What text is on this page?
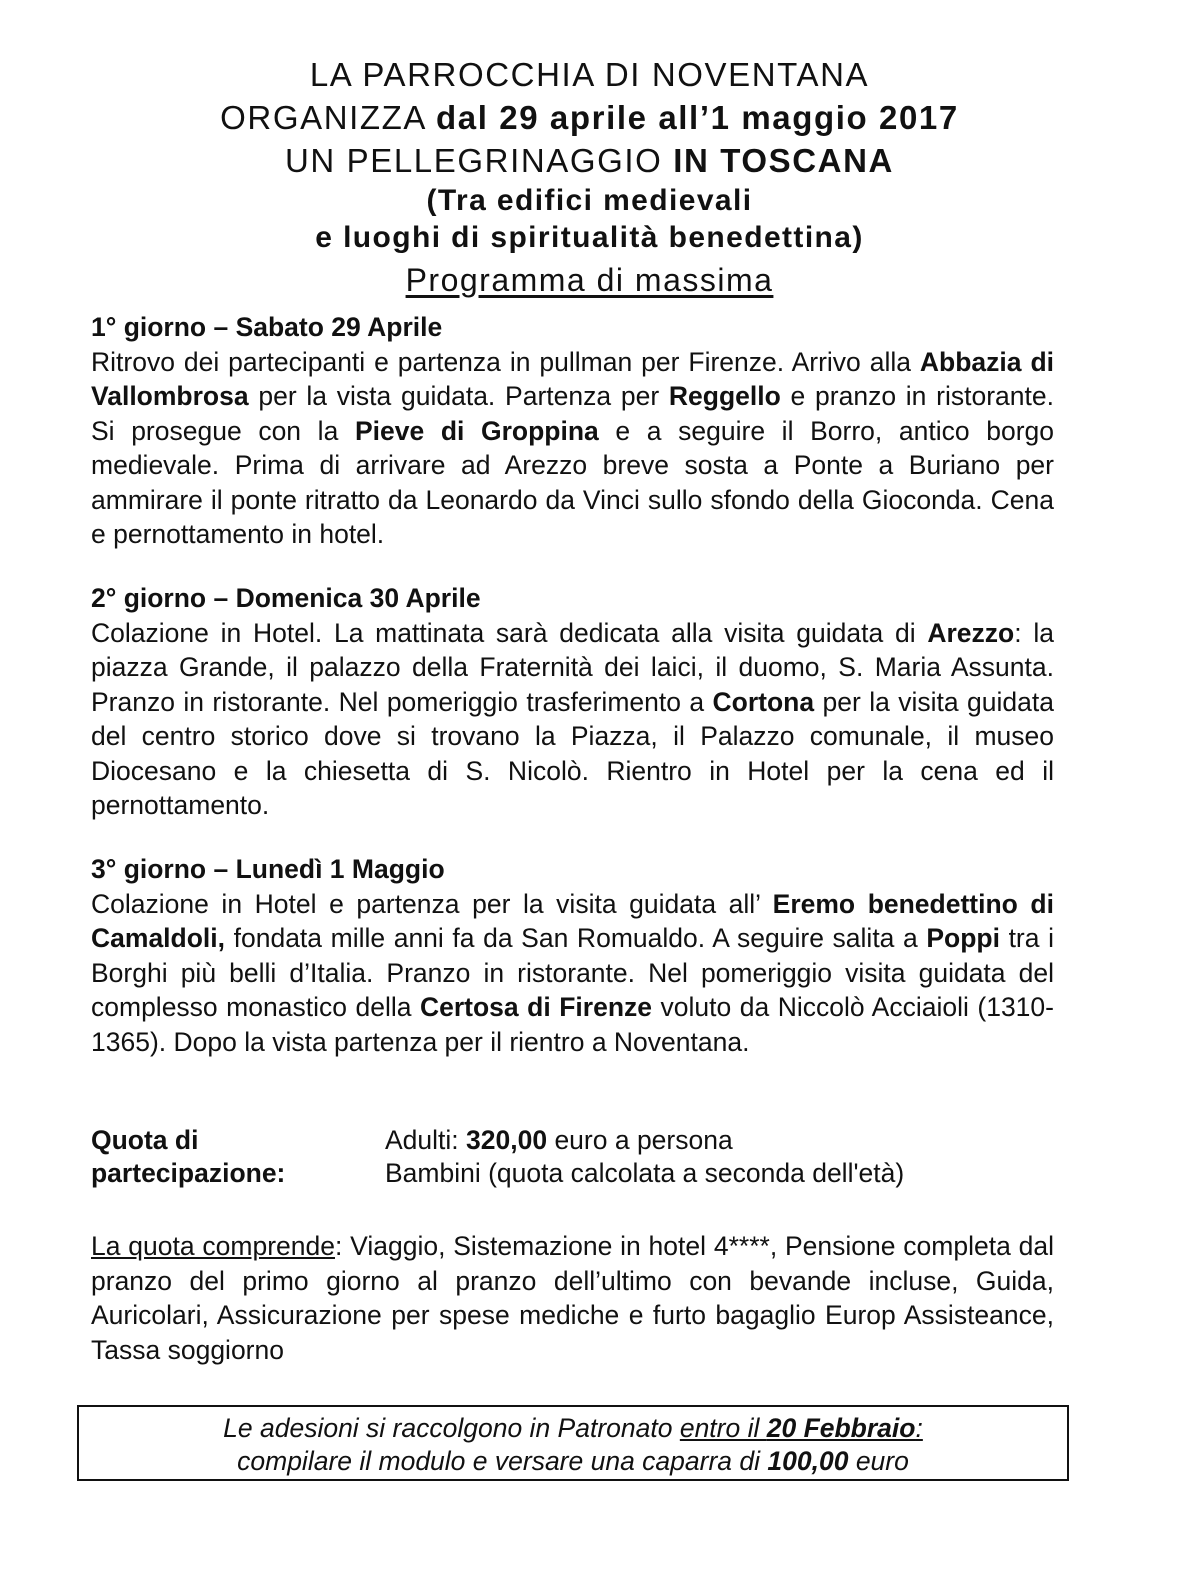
LA PARROCCHIA DI NOVENTANA
ORGANIZZA dal 29 aprile all’1 maggio 2017
UN PELLEGRINAGGIO IN TOSCANA
(Tra edifici medievali
e luoghi di spiritualità benedettina)
Programma di massima
1° giorno – Sabato 29 Aprile
Ritrovo dei partecipanti e partenza in pullman per Firenze. Arrivo alla Abbazia di Vallombrosa per la vista guidata. Partenza per Reggello e pranzo in ristorante. Si prosegue con la Pieve di Groppina e a seguire il Borro, antico borgo medievale. Prima di arrivare ad Arezzo breve sosta a Ponte a Buriano per ammirare il ponte ritratto da Leonardo da Vinci sullo sfondo della Gioconda. Cena e pernottamento in hotel.
2° giorno – Domenica 30 Aprile
Colazione in Hotel. La mattinata sarà dedicata alla visita guidata di Arezzo: la piazza Grande, il palazzo della Fraternità dei laici, il duomo, S. Maria Assunta. Pranzo in ristorante. Nel pomeriggio trasferimento a Cortona per la visita guidata del centro storico dove si trovano la Piazza, il Palazzo comunale, il museo Diocesano e la chiesetta di S. Nicolò. Rientro in Hotel per la cena ed il pernottamento.
3° giorno – Lunedì 1 Maggio
Colazione in Hotel e partenza per la visita guidata all’ Eremo benedettino di Camaldoli, fondata mille anni fa da San Romualdo. A seguire salita a Poppi tra i Borghi più belli d’Italia. Pranzo in ristorante. Nel pomeriggio visita guidata del complesso monastico della Certosa di Firenze voluto da Niccolò Acciaioli (1310-1365). Dopo la vista partenza per il rientro a Noventana.
Quota di
partecipazione:
Adulti: 320,00 euro a persona
Bambini (quota calcolata a seconda dell'età)
La quota comprende: Viaggio, Sistemazione in hotel 4****, Pensione completa dal pranzo del primo giorno al pranzo dell’ultimo con bevande incluse, Guida, Auricolari, Assicurazione per spese mediche e furto bagaglio Europ Assisteance, Tassa soggiorno
Le adesioni si raccolgono in Patronato entro il 20 Febbraio:
compilare il modulo e versare una caparra di 100,00 euro
